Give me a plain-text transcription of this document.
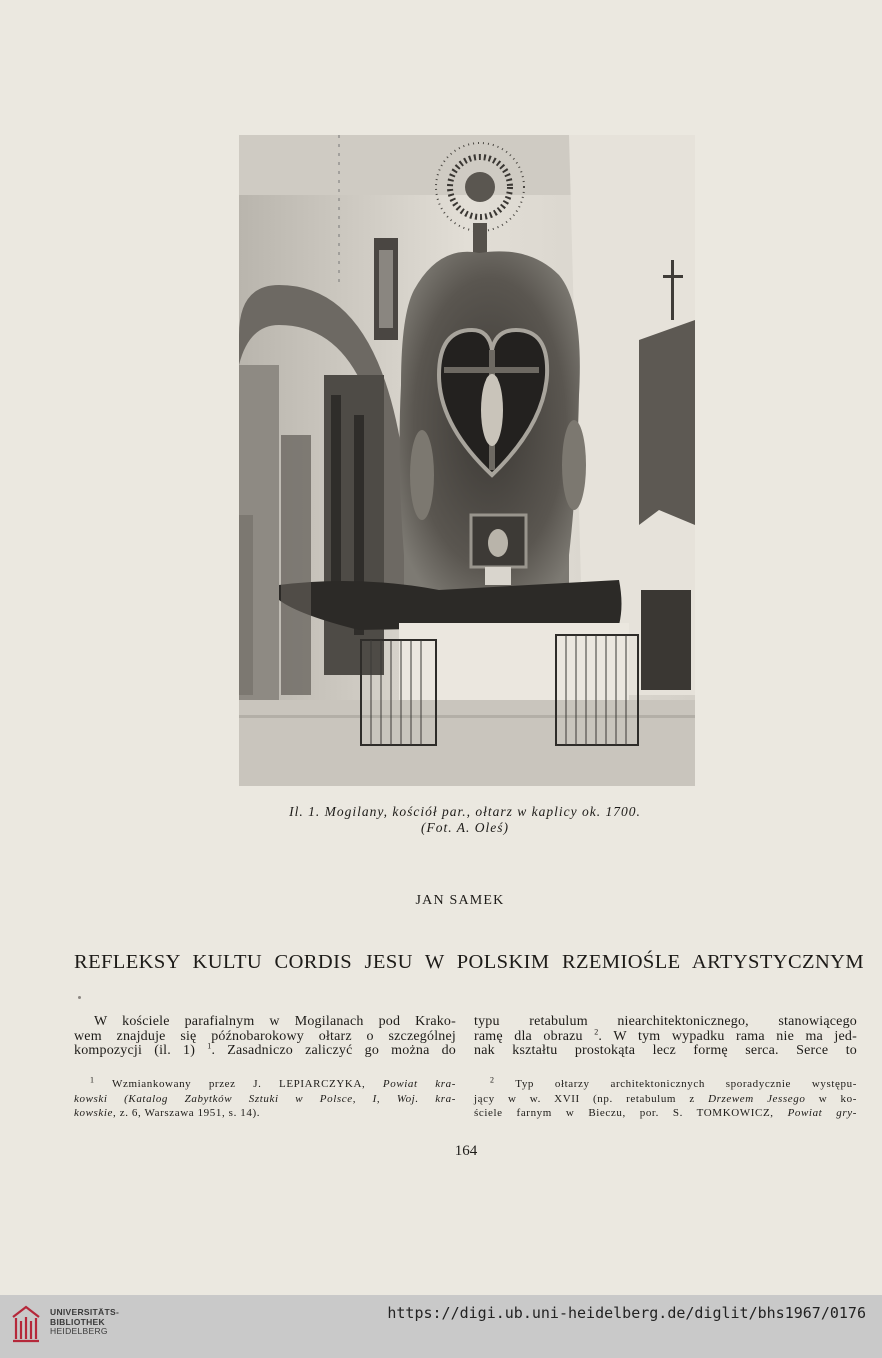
Il. 1. Mogilany, kościół par., ołtarz w kaplicy ok. 1700.
(Fot. A. Oleś)
JAN SAMEK
REFLEKSY KULTU CORDIS JESU W POLSKIM RZEMIOŚLE ARTYSTYCZNYM
W kościele parafialnym w Mogilanach pod Krako-
wem znajduje się późnobarokowy ołtarz o szczególnej
kompozycji (il. 1) $^1$. Zasadniczo zaliczyć go można do
typu retabulum niearchitektonicznego, stanowiącego
ramę dla obrazu $^2$. W tym wypadku rama nie ma jed-
nak kształtu prostokąta lecz formę serca. Serce to
$^1$ Wzmiankowany przez J. LEPIARCZYKA, Powiat kra-
kowski (Katalog Zabytków Sztuki w Polsce, I, Woj. kra-
kowskie, z. 6, Warszawa 1951, s. 14).
$^2$ Typ ołtarzy architektonicznych sporadycznie występu-
jący w w. XVII (np. retabulum z Drzewem Jessego w ko-
ściele farnym w Bieczu, por. S. TOMKOWICZ, Powiat gry-
164
UNIVERSITÄTS-
BIBLIOTHEK
HEIDELBERG
https://digi.ub.uni-heidelberg.de/diglit/bhs1967/0176
